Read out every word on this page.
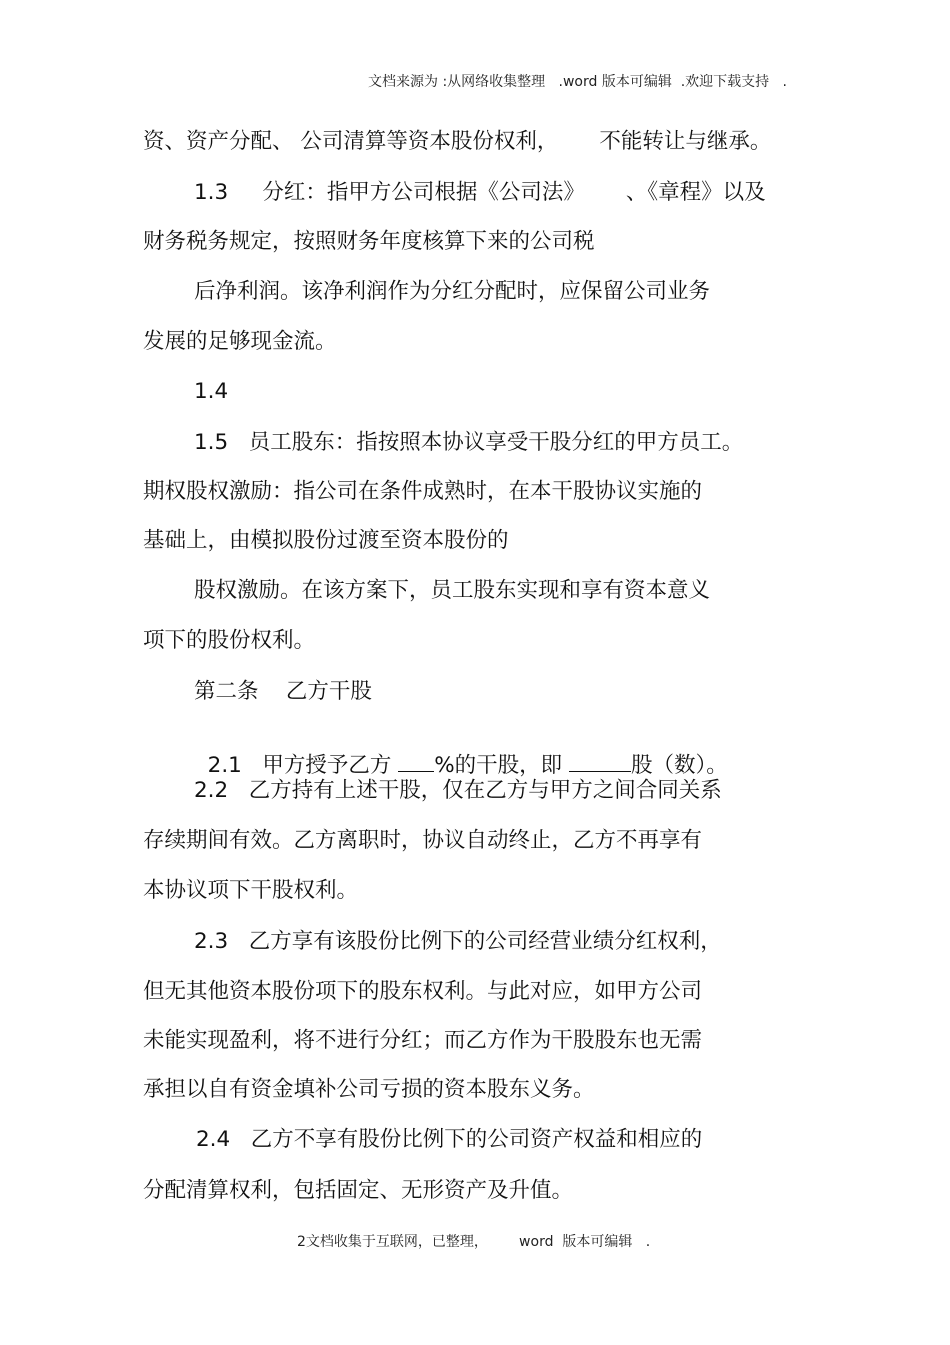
文档来源为 :从网络收集整理   .word 版本可编辑  .欢迎下载支持   .
资、资产分配、 公司清算等资本股份权利，      不能转让与继承。
1.3     分红：指甲方公司根据《公司法》      、《章程》以及
财务税务规定，按照财务年度核算下来的公司税
后净利润。该净利润作为分红分配时，应保留公司业务
发展的足够现金流。
1.4
1.5   员工股东：指按照本协议享受干股分红的甲方员工。
期权股权激励：指公司在条件成熟时，在本干股协议实施的
基础上，由模拟股份过渡至资本股份的
股权激励。在该方案下，员工股东实现和享有资本意义
项下的股份权利。
第二条    乙方干股

2.1   甲方授予乙方 %的干股，即	股（数）。

2.2   乙方持有上述干股，仅在乙方与甲方之间合同关系
存续期间有效。乙方离职时，协议自动终止，乙方不再享有
本协议项下干股权利。
2.3   乙方享有该股份比例下的公司经营业绩分红权利，
但无其他资本股份项下的股东权利。与此对应，如甲方公司
未能实现盈利，将不进行分红；而乙方作为干股股东也无需
承担以自有资金填补公司亏损的资本股东义务。
2.4   乙方不享有股份比例下的公司资产权益和相应的
分配清算权利，包括固定、无形资产及升值。
2文档收集于互联网，已整理，       word  版本可编辑   .
